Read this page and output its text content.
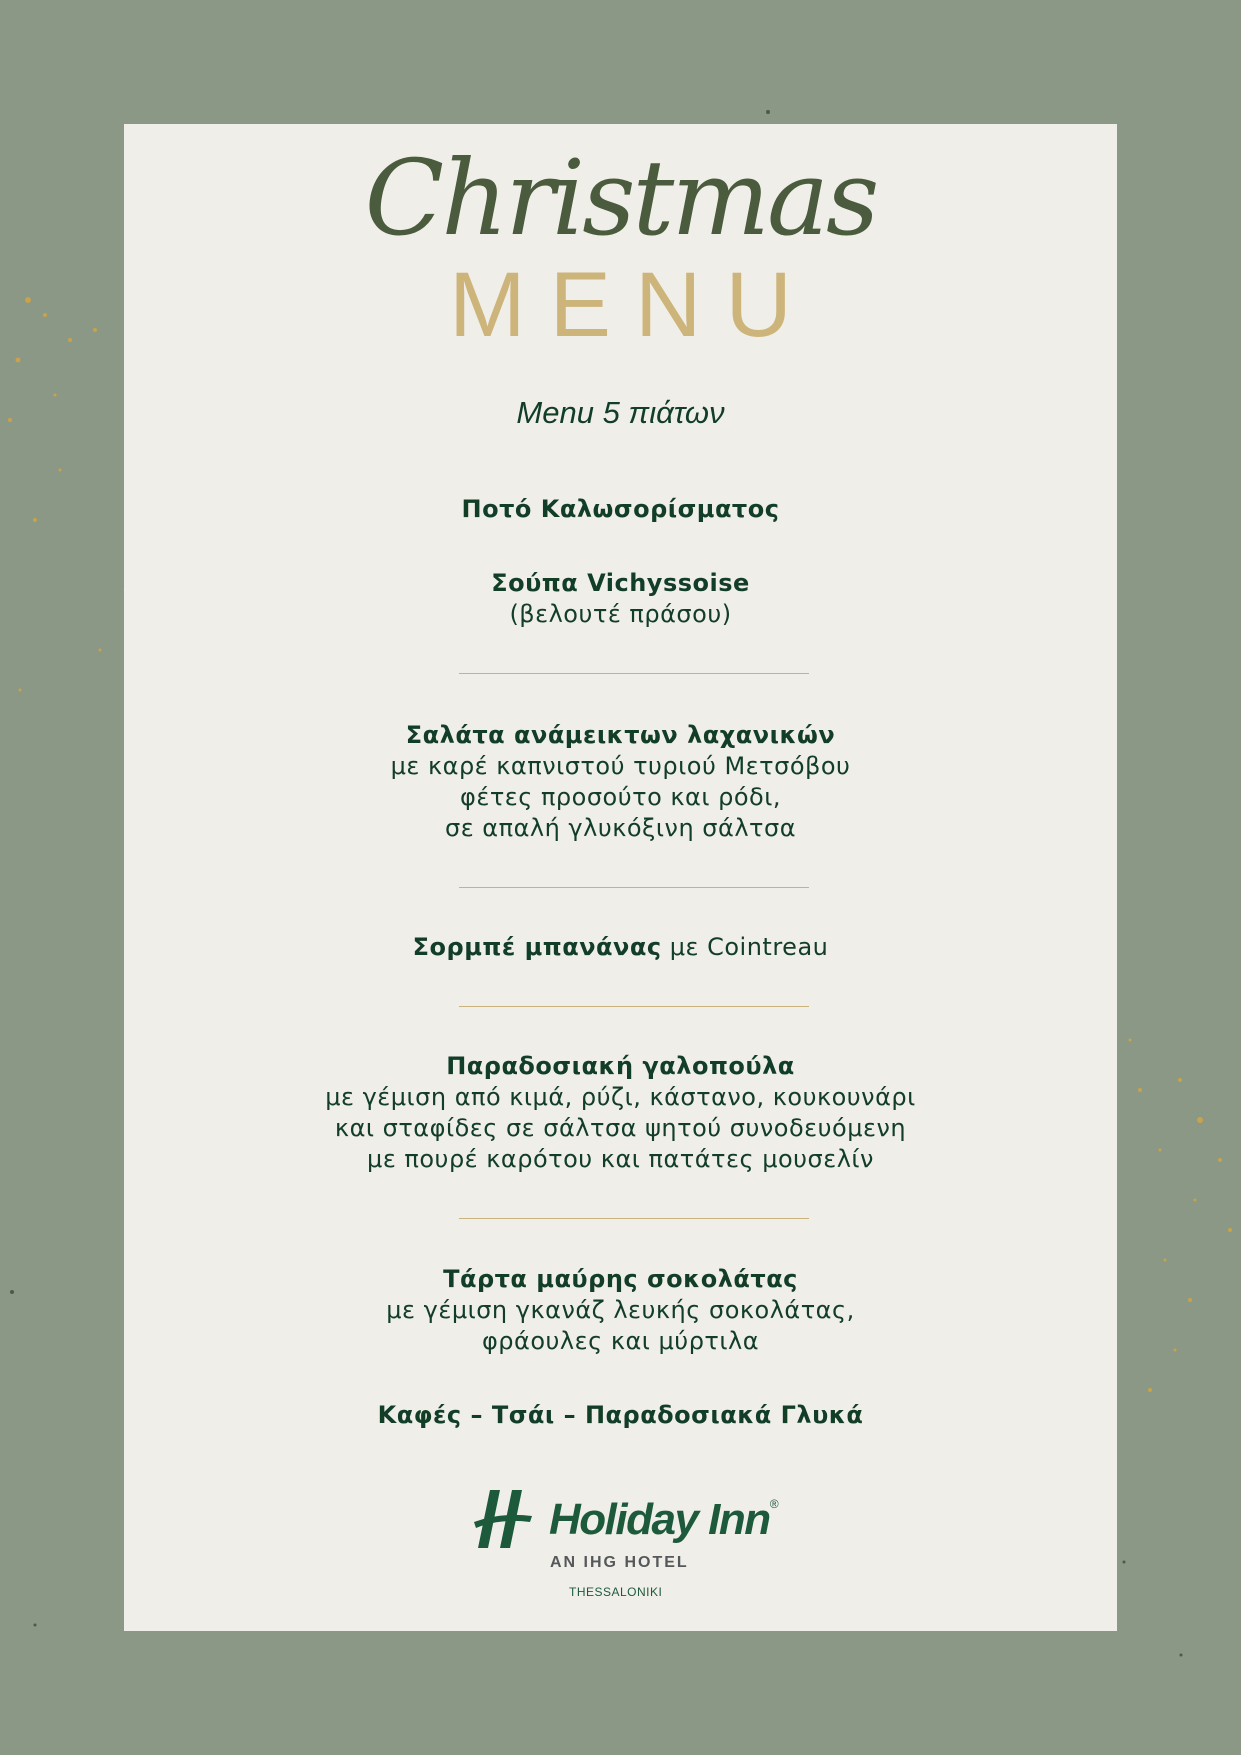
Christmas
MENU
Menu 5 πιάτων
Ποτό Καλωσορίσματος
Σούπα Vichyssoise
(βελουτέ πράσου)
Σαλάτα ανάμεικτων λαχανικών
με καρέ καπνιστού τυριού Μετσόβου
φέτες προσούτο και ρόδι,
σε απαλή γλυκόξινη σάλτσα
Σορμπέ μπανάνας με Cointreau
Παραδοσιακή γαλοπούλα
με γέμιση από κιμά, ρύζι, κάστανο, κουκουνάρι
και σταφίδες σε σάλτσα ψητού συνοδευόμενη
με πουρέ καρότου και πατάτες μουσελίν
Τάρτα μαύρης σοκολάτας
με γέμιση γκανάζ λευκής σοκολάτας,
φράουλες και μύρτιλα
Καφές – Τσάι – Παραδοσιακά Γλυκά
Holiday Inn®
AN IHG HOTEL
THESSALONIKI
